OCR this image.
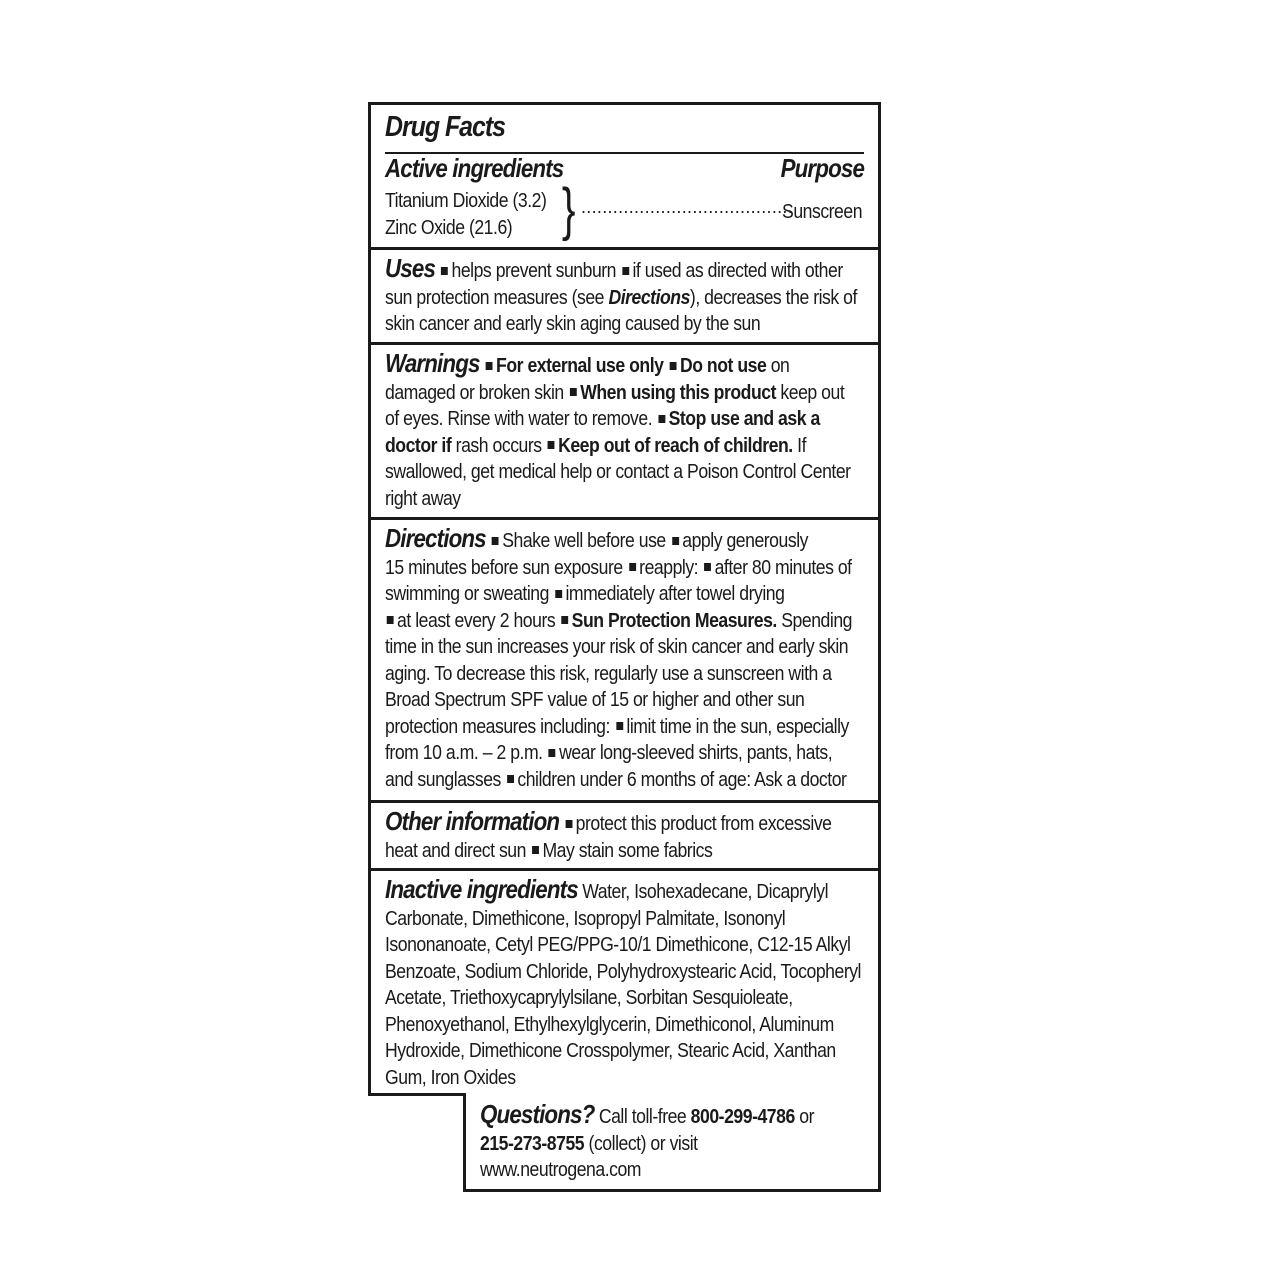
Drug Facts
Active ingredients	Purpose
Titanium Dioxide (3.2)
Zinc Oxide (21.6) } ........................................
Sunscreen
Uses helps prevent sunburn if used as directed with other
sun protection measures (see Directions), decreases the risk of
skin cancer and early skin aging caused by the sun
Warnings For external use only Do not use on
damaged or broken skin When using this product keep out
of eyes. Rinse with water to remove. Stop use and ask a
doctor if rash occurs Keep out of reach of children. If
swallowed, get medical help or contact a Poison Control Center
right away
Directions Shake well before use apply generously
15 minutes before sun exposure reapply: after 80 minutes of
swimming or sweating immediately after towel drying
at least every 2 hours Sun Protection Measures. Spending
time in the sun increases your risk of skin cancer and early skin
aging. To decrease this risk, regularly use a sunscreen with a
Broad Spectrum SPF value of 15 or higher and other sun
protection measures including: limit time in the sun, especially
from 10 a.m. – 2 p.m. wear long-sleeved shirts, pants, hats,
and sunglasses children under 6 months of age: Ask a doctor
Other information protect this product from excessive
heat and direct sun May stain some fabrics
Inactive ingredients Water, Isohexadecane, Dicaprylyl
Carbonate, Dimethicone, Isopropyl Palmitate, Isononyl
Isononanoate, Cetyl PEG/PPG-10/1 Dimethicone, C12-15 Alkyl
Benzoate, Sodium Chloride, Polyhydroxystearic Acid, Tocopheryl
Acetate, Triethoxycaprylylsilane, Sorbitan Sesquioleate,
Phenoxyethanol, Ethylhexylglycerin, Dimethiconol, Aluminum
Hydroxide, Dimethicone Crosspolymer, Stearic Acid, Xanthan
Gum, Iron Oxides
Questions? Call toll-free 800-299-4786 or
215-273-8755 (collect) or visit
www.neutrogena.com
